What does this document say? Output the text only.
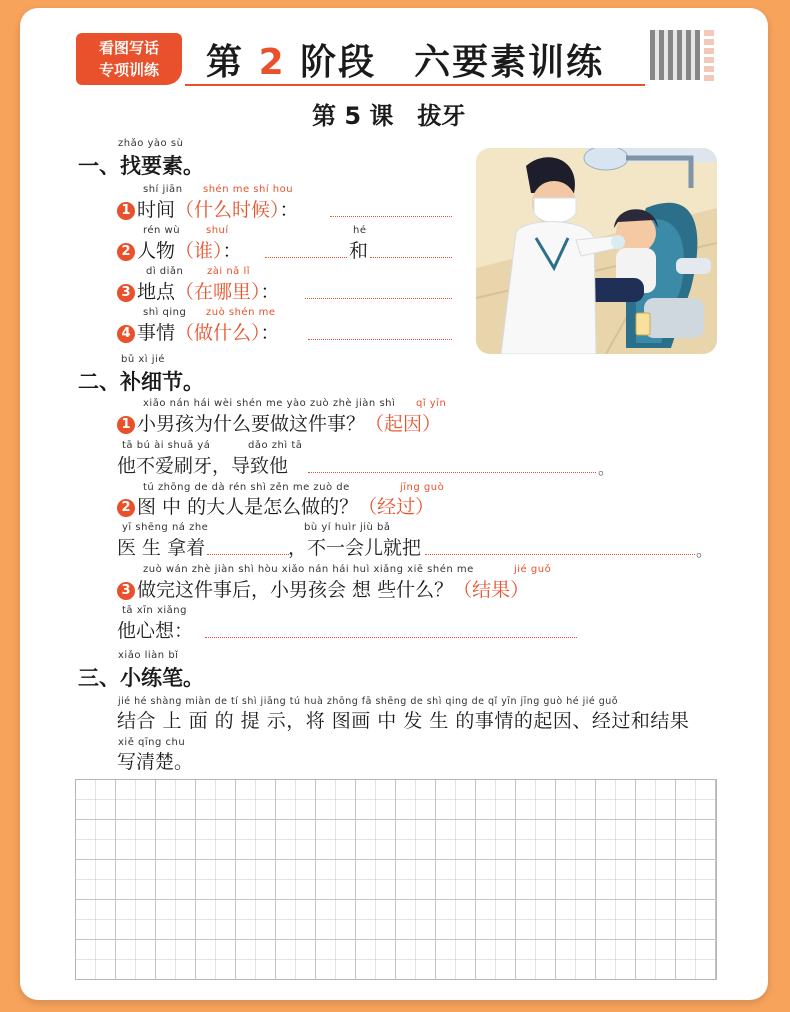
看图写话
专项训练	第 2 阶段　六要素训练
第 5 课　拔牙
zhǎo yào sù
一、找要素。
shí jiān shén me shí hou
1 时间（什么时候）：
rén wù	shuí	hé
2 人物（谁）：	和
dì diǎn zài nǎ lǐ
3 地点（在哪里）：
shì qing zuò shén me
4 事情（做什么）：
bǔ xì jié
二、补细节。
xiǎo nán hái wèi shén me yào zuò zhè jiàn shì qǐ yīn
1 小男孩为什么要做这件事？（起因）
tā bú ài shuā yá	dǎo zhì tā
他不爱刷牙，导致他	。
tú zhōng de dà rén shì zěn me zuò de	jīng guò
2 图 中 的大人是怎么做的？（经过）
yī shēng ná zhe
医 生 拿着
bù yí huìr jiù bǎ
，不一会儿就把	。
zuò wán zhè jiàn shì hòu xiǎo nán hái huì xiǎng xiē shén me	jié guǒ
3 做完这件事后，小男孩会 想 些什么？（结果）
tā xīn xiǎng
他心想：
xiǎo liàn bǐ
三、小练笔。
jié hé shàng miàn de tí shì jiāng tú huà zhōng fā shēng de shì qing de qǐ yīn jīng guò hé jié guǒ
结合 上 面 的 提 示，将 图画 中 发 生 的事情的起因、经过和结果
xiě qīng chu
写清楚。
